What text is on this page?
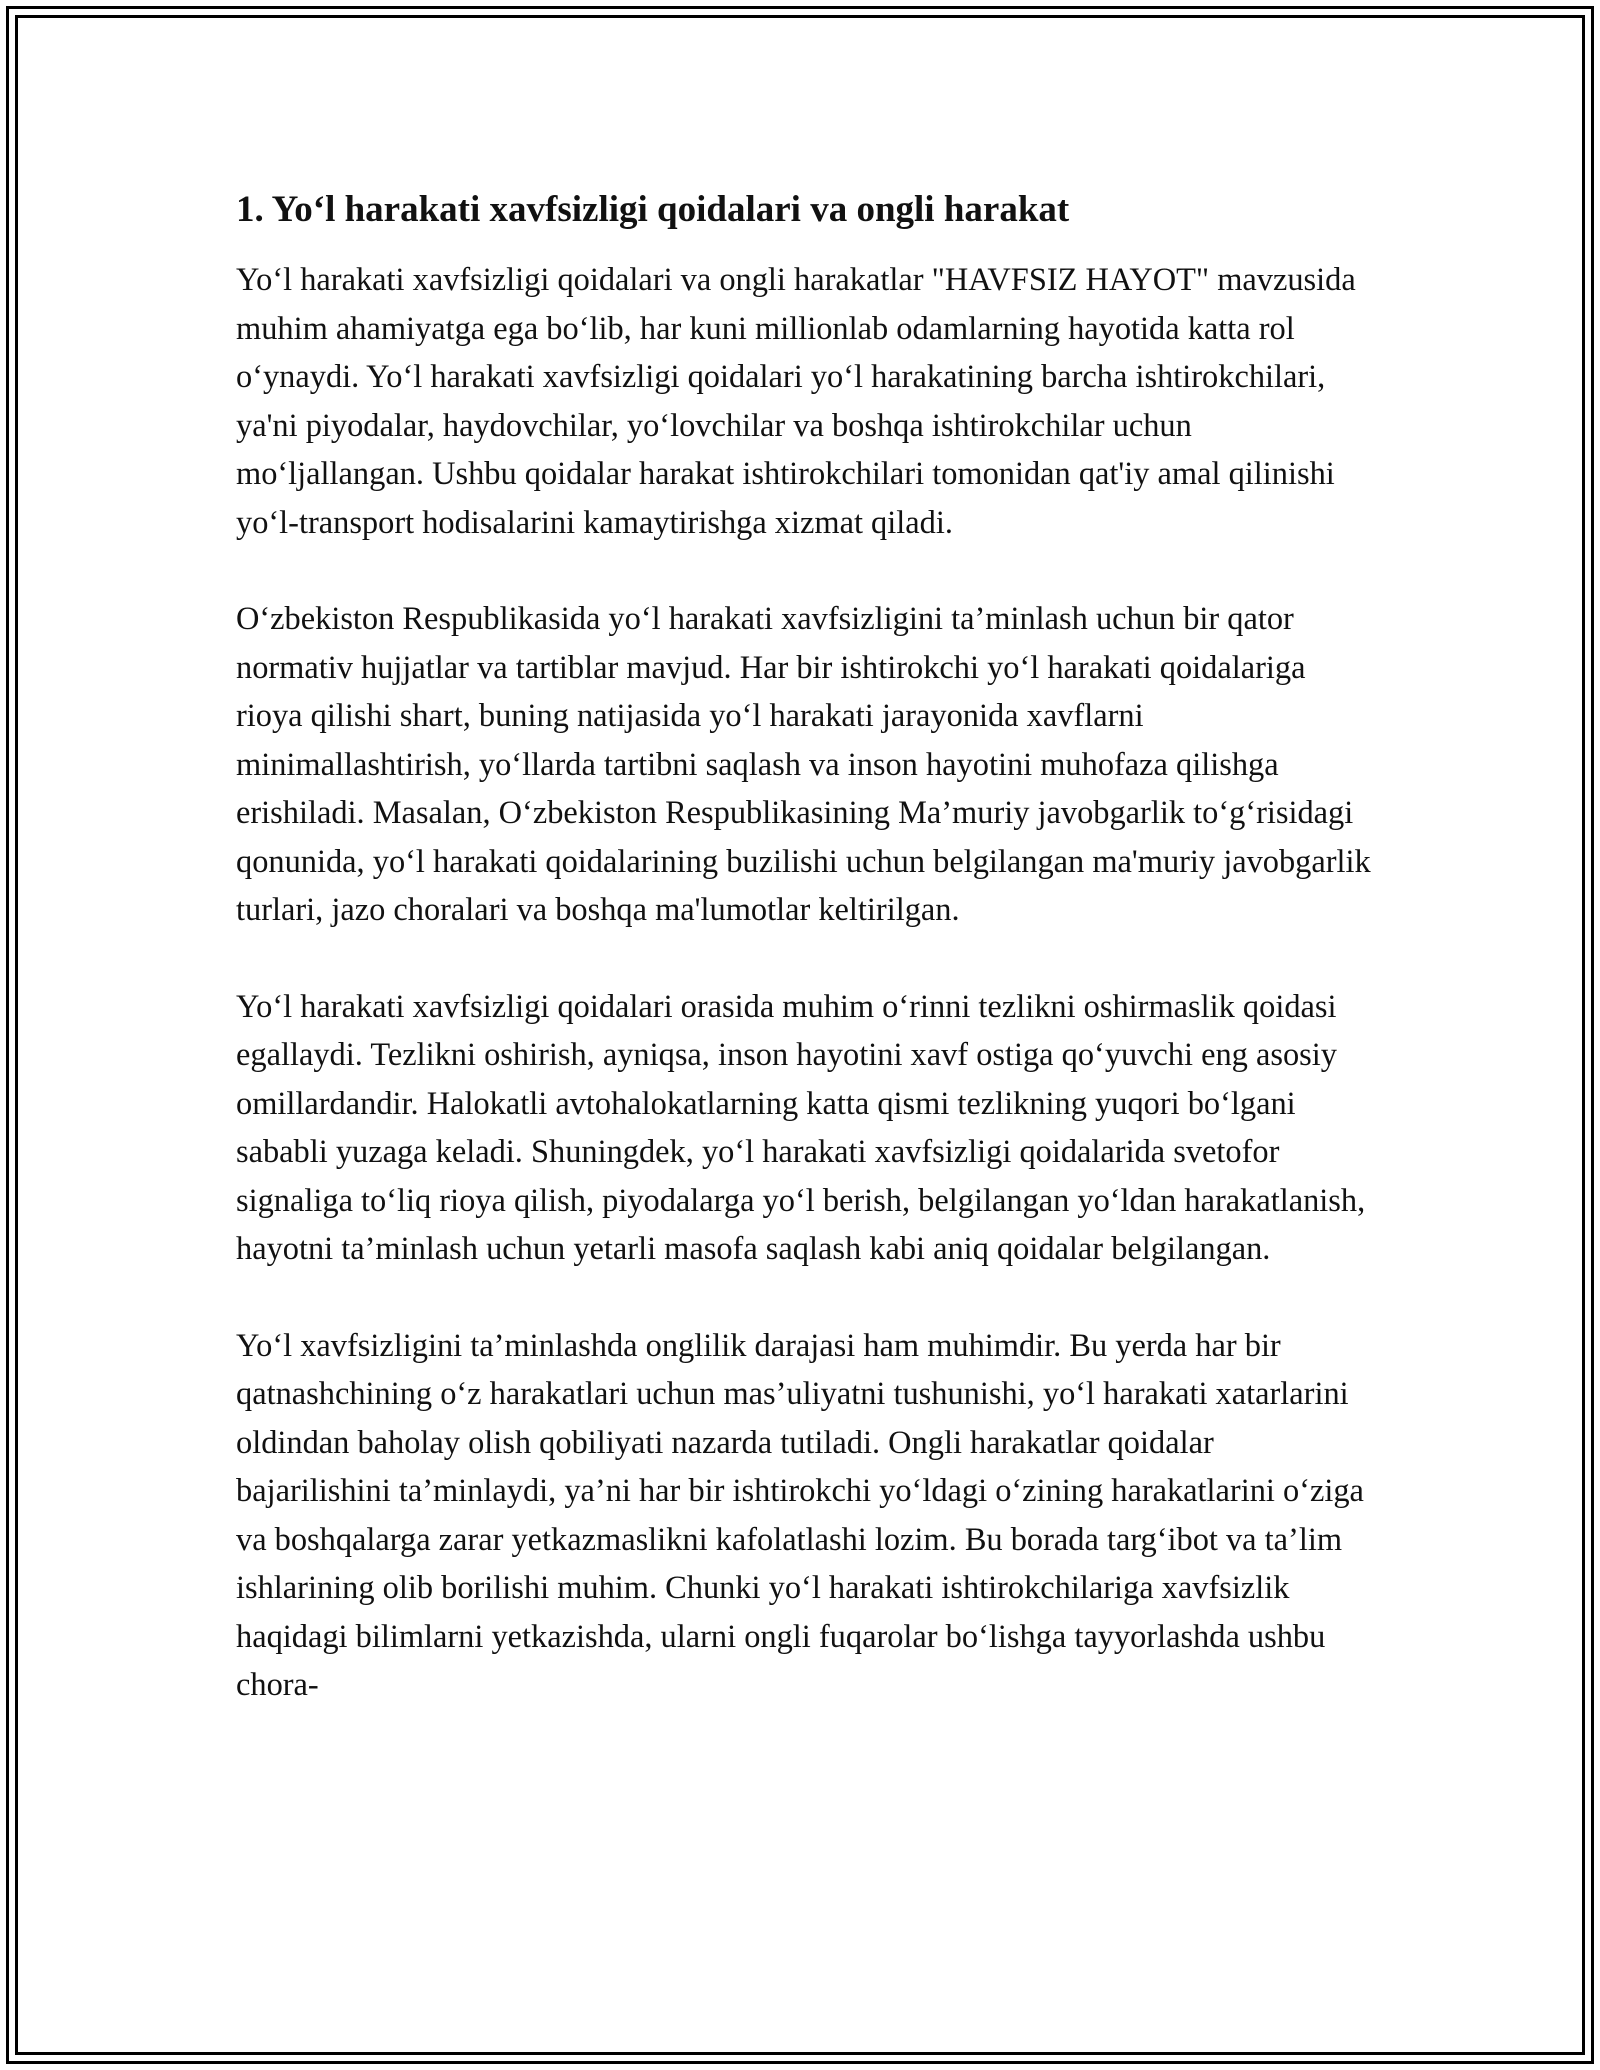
1. Yo‘l harakati xavfsizligi qoidalari va ongli harakat

Yo‘l harakati xavfsizligi qoidalari va ongli harakatlar "HAVFSIZ HAYOT" mavzusida muhim ahamiyatga ega bo‘lib, har kuni millionlab odamlarning hayotida katta rol o‘ynaydi. Yo‘l harakati xavfsizligi qoidalari yo‘l harakatining barcha ishtirokchilari, ya'ni piyodalar, haydovchilar, yo‘lovchilar va boshqa ishtirokchilar uchun mo‘ljallangan. Ushbu qoidalar harakat ishtirokchilari tomonidan qat'iy amal qilinishi yo‘l-transport hodisalarini kamaytirishga xizmat qiladi.

O‘zbekiston Respublikasida yo‘l harakati xavfsizligini ta’minlash uchun bir qator normativ hujjatlar va tartiblar mavjud. Har bir ishtirokchi yo‘l harakati qoidalariga rioya qilishi shart, buning natijasida yo‘l harakati jarayonida xavflarni minimallashtirish, yo‘llarda tartibni saqlash va inson hayotini muhofaza qilishga erishiladi. Masalan, O‘zbekiston Respublikasining Ma’muriy javobgarlik to‘g‘risidagi qonunida, yo‘l harakati qoidalarining buzilishi uchun belgilangan ma'muriy javobgarlik turlari, jazo choralari va boshqa ma'lumotlar keltirilgan.

Yo‘l harakati xavfsizligi qoidalari orasida muhim o‘rinni tezlikni oshirmaslik qoidasi egallaydi. Tezlikni oshirish, ayniqsa, inson hayotini xavf ostiga qo‘yuvchi eng asosiy omillardandir. Halokatli avtohalokatlarning katta qismi tezlikning yuqori bo‘lgani sababli yuzaga keladi. Shuningdek, yo‘l harakati xavfsizligi qoidalarida svetofor signaliga to‘liq rioya qilish, piyodalarga yo‘l berish, belgilangan yo‘ldan harakatlanish, hayotni ta’minlash uchun yetarli masofa saqlash kabi aniq qoidalar belgilangan.

Yo‘l xavfsizligini ta’minlashda onglilik darajasi ham muhimdir. Bu yerda har bir qatnashchining o‘z harakatlari uchun mas’uliyatni tushunishi, yo‘l harakati xatarlarini oldindan baholay olish qobiliyati nazarda tutiladi. Ongli harakatlar qoidalar bajarilishini ta’minlaydi, ya’ni har bir ishtirokchi yo‘ldagi o‘zining harakatlarini o‘ziga va boshqalarga zarar yetkazmaslikni kafolatlashi lozim. Bu borada targ‘ibot va ta’lim ishlarining olib borilishi muhim. Chunki yo‘l harakati ishtirokchilariga xavfsizlik haqidagi bilimlarni yetkazishda, ularni ongli fuqarolar bo‘lishga tayyorlashda ushbu chora-
